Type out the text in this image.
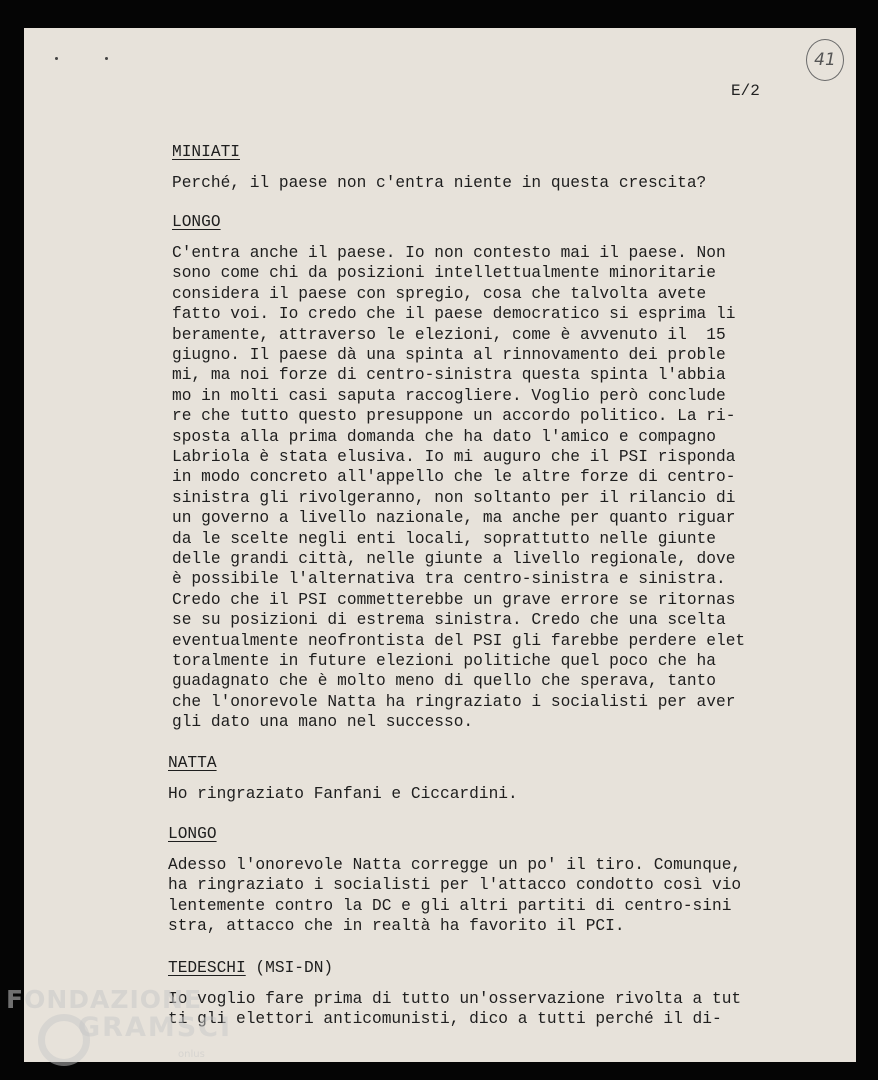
41
E/2
MINIATI
Perché, il paese non c'entra niente in questa crescita?
LONGO
C'entra anche il paese. Io non contesto mai il paese. Non
sono come chi da posizioni intellettualmente minoritarie
considera il paese con spregio, cosa che talvolta avete
fatto voi. Io credo che il paese democratico si esprima li
beramente, attraverso le elezioni, come è avvenuto il  15
giugno. Il paese dà una spinta al rinnovamento dei proble
mi, ma noi forze di centro-sinistra questa spinta l'abbia
mo in molti casi saputa raccogliere. Voglio però conclude
re che tutto questo presuppone un accordo politico. La ri-
sposta alla prima domanda che ha dato l'amico e compagno
Labriola è stata elusiva. Io mi auguro che il PSI risponda
in modo concreto all'appello che le altre forze di centro-
sinistra gli rivolgeranno, non soltanto per il rilancio di
un governo a livello nazionale, ma anche per quanto riguar
da le scelte negli enti locali, soprattutto nelle giunte
delle grandi città, nelle giunte a livello regionale, dove
è possibile l'alternativa tra centro-sinistra e sinistra.
Credo che il PSI commetterebbe un grave errore se ritornas
se su posizioni di estrema sinistra. Credo che una scelta
eventualmente neofrontista del PSI gli farebbe perdere elet
toralmente in future elezioni politiche quel poco che ha
guadagnato che è molto meno di quello che sperava, tanto
che l'onorevole Natta ha ringraziato i socialisti per aver
gli dato una mano nel successo.
NATTA
Ho ringraziato Fanfani e Ciccardini.
LONGO
Adesso l'onorevole Natta corregge un po' il tiro. Comunque,
ha ringraziato i socialisti per l'attacco condotto così vio
lentemente contro la DC e gli altri partiti di centro-sini
stra, attacco che in realtà ha favorito il PCI.
TEDESCHI (MSI-DN)
Io voglio fare prima di tutto un'osservazione rivolta a tut
ti gli elettori anticomunisti, dico a tutti perché il di-
FONDAZIONE
GRAMSCI
onlus
